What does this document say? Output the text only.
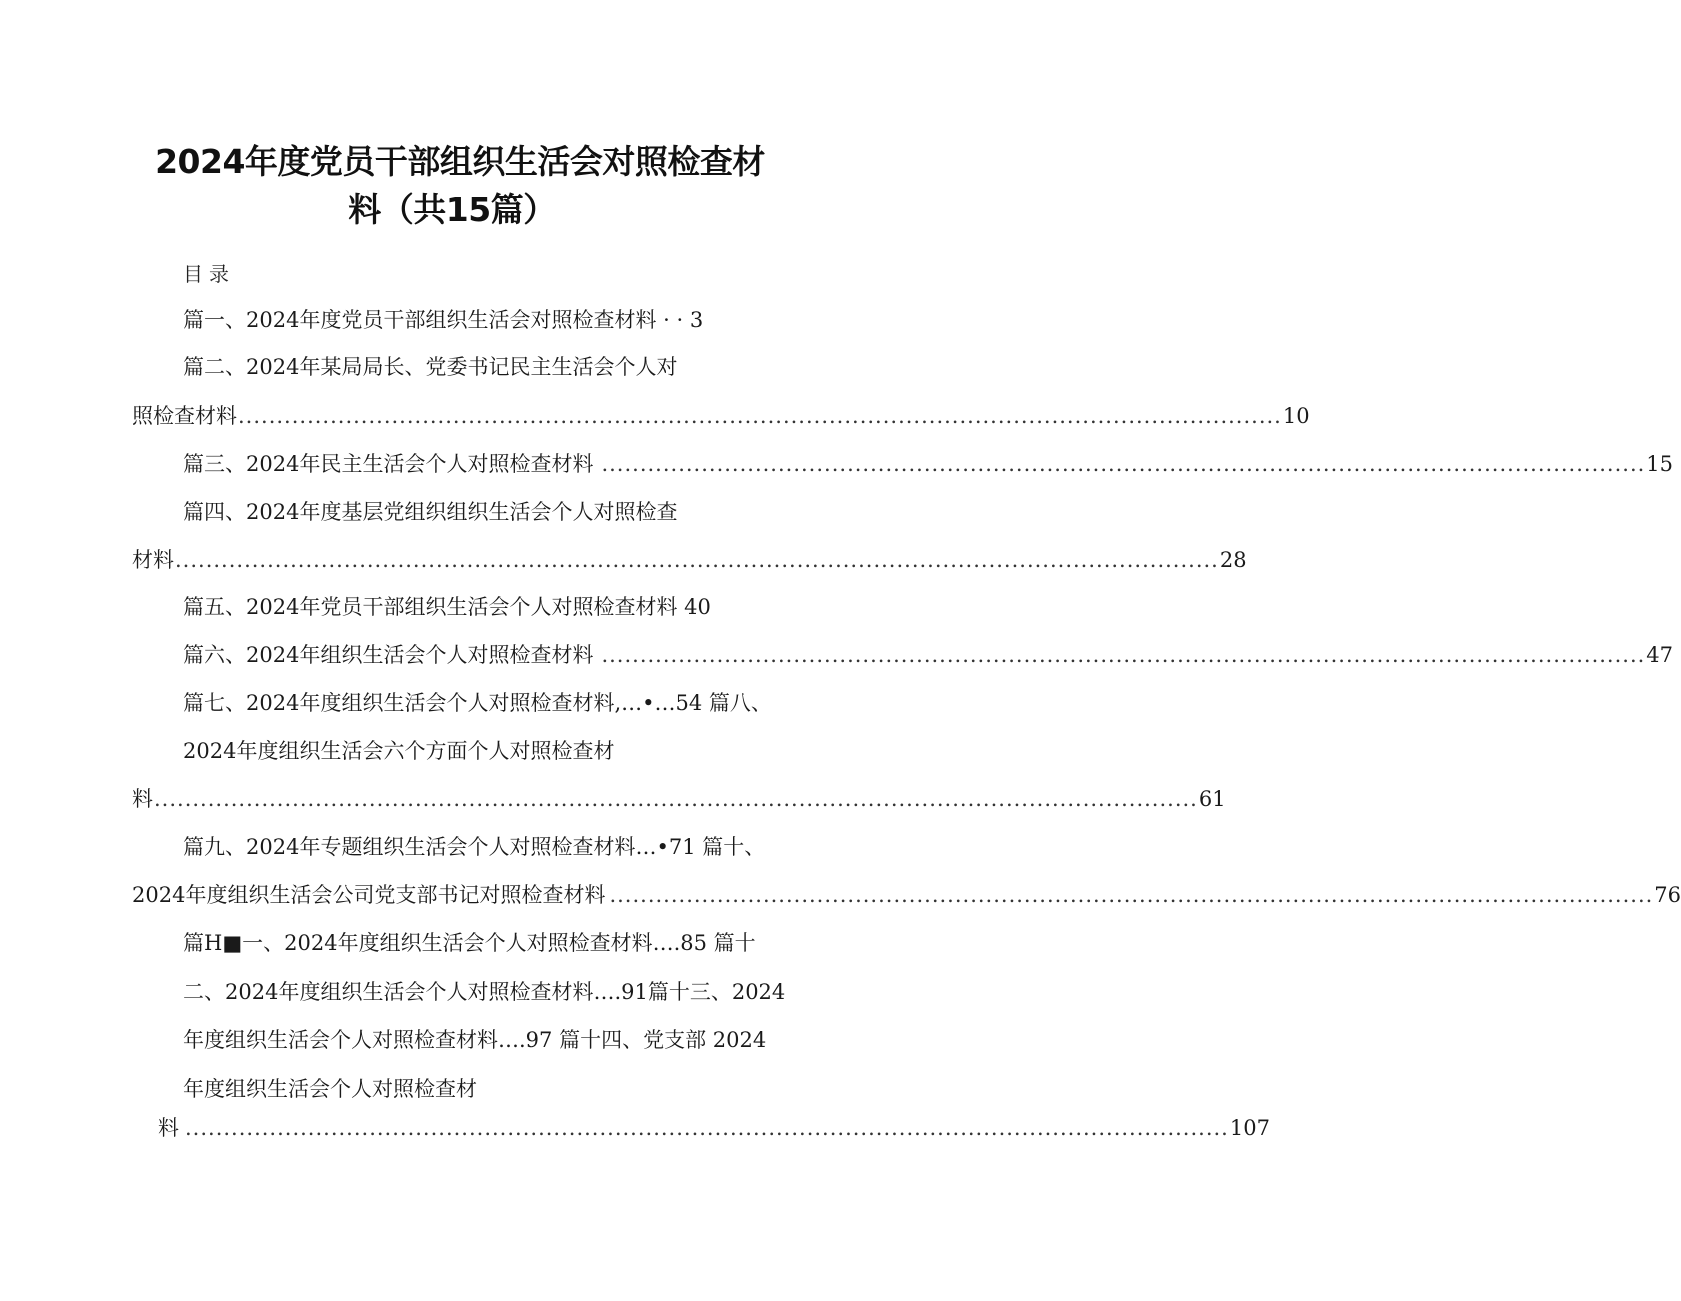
2024年度党员干部组织生活会对照检查材
料（共15篇）
目录
篇一、2024年度党员干部组织生活会对照检查材料 · · 3
篇二、2024年某局局长、党委书记民主生活会个人对
照检查材料 ........................................................................................................................................ 10
篇三、2024年民主生活会个人对照检查材料 ........................................................................................................................................ 15
篇四、2024年度基层党组织组织生活会个人对照检查
材料 ........................................................................................................................................ 28
篇五、2024年党员干部组织生活会个人对照检查材料 40
篇六、2024年组织生活会个人对照检查材料 ........................................................................................................................................ 47
篇七、2024年度组织生活会个人对照检查材料,…•…54 篇八、
2024年度组织生活会六个方面个人对照检查材
料 ........................................................................................................................................ 61
篇九、2024年专题组织生活会个人对照检查材料…•71 篇十、
2024年度组织生活会公司党支部书记对照检查材料 ........................................................................................................................................ 76
篇H■一、2024年度组织生活会个人对照检查材料….85 篇十
二、2024年度组织生活会个人对照检查材料….91篇十三、2024
年度组织生活会个人对照检查材料….97 篇十四、党支部 2024
年度组织生活会个人对照检查材
料 ........................................................................................................................................ 107
